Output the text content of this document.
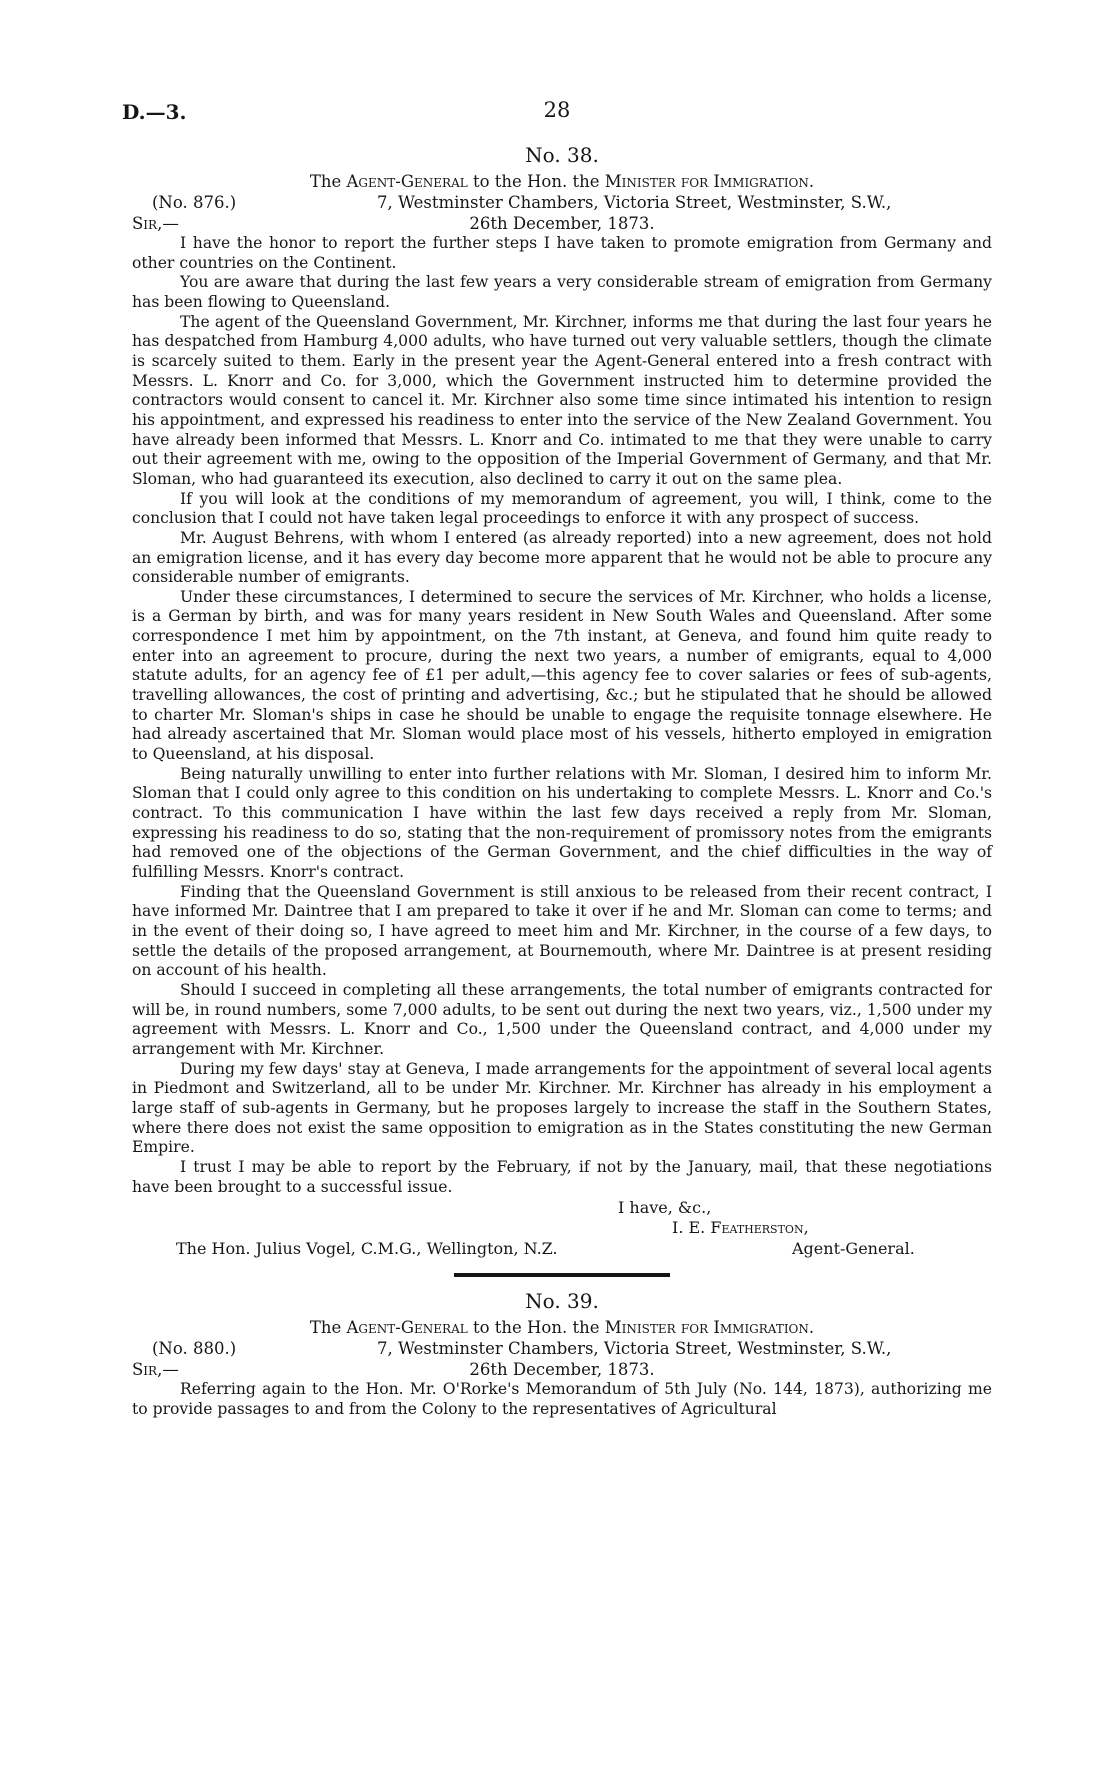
D.—3.	28
No. 38.
The Agent-General to the Hon. the Minister for Immigration.
(No. 876.)	7, Westminster Chambers, Victoria Street, Westminster, S.W.,
Sir,—	26th December, 1873.

I have the honor to report the further steps I have taken to promote emigration from Germany and other countries on the Continent.

You are aware that during the last few years a very considerable stream of emigration from Germany has been flowing to Queensland.

The agent of the Queensland Government, Mr. Kirchner, informs me that during the last four years he has despatched from Hamburg 4,000 adults, who have turned out very valuable settlers, though the climate is scarcely suited to them. Early in the present year the Agent-General entered into a fresh contract with Messrs. L. Knorr and Co. for 3,000, which the Government instructed him to determine provided the contractors would consent to cancel it. Mr. Kirchner also some time since intimated his intention to resign his appointment, and expressed his readiness to enter into the service of the New Zealand Government. You have already been informed that Messrs. L. Knorr and Co. intimated to me that they were unable to carry out their agreement with me, owing to the opposition of the Imperial Government of Germany, and that Mr. Sloman, who had guaranteed its execution, also declined to carry it out on the same plea.

If you will look at the conditions of my memorandum of agreement, you will, I think, come to the conclusion that I could not have taken legal proceedings to enforce it with any prospect of success.

Mr. August Behrens, with whom I entered (as already reported) into a new agreement, does not hold an emigration license, and it has every day become more apparent that he would not be able to procure any considerable number of emigrants.

Under these circumstances, I determined to secure the services of Mr. Kirchner, who holds a license, is a German by birth, and was for many years resident in New South Wales and Queensland. After some correspondence I met him by appointment, on the 7th instant, at Geneva, and found him quite ready to enter into an agreement to procure, during the next two years, a number of emigrants, equal to 4,000 statute adults, for an agency fee of £1 per adult,—this agency fee to cover salaries or fees of sub-agents, travelling allowances, the cost of printing and advertising, &c.; but he stipulated that he should be allowed to charter Mr. Sloman's ships in case he should be unable to engage the requisite tonnage elsewhere. He had already ascertained that Mr. Sloman would place most of his vessels, hitherto employed in emigration to Queensland, at his disposal.

Being naturally unwilling to enter into further relations with Mr. Sloman, I desired him to inform Mr. Sloman that I could only agree to this condition on his undertaking to complete Messrs. L. Knorr and Co.'s contract. To this communication I have within the last few days received a reply from Mr. Sloman, expressing his readiness to do so, stating that the non-requirement of promissory notes from the emigrants had removed one of the objections of the German Government, and the chief difficulties in the way of fulfilling Messrs. Knorr's contract.

Finding that the Queensland Government is still anxious to be released from their recent contract, I have informed Mr. Daintree that I am prepared to take it over if he and Mr. Sloman can come to terms; and in the event of their doing so, I have agreed to meet him and Mr. Kirchner, in the course of a few days, to settle the details of the proposed arrangement, at Bournemouth, where Mr. Daintree is at present residing on account of his health.

Should I succeed in completing all these arrangements, the total number of emigrants contracted for will be, in round numbers, some 7,000 adults, to be sent out during the next two years, viz., 1,500 under my agreement with Messrs. L. Knorr and Co., 1,500 under the Queensland contract, and 4,000 under my arrangement with Mr. Kirchner.

During my few days' stay at Geneva, I made arrangements for the appointment of several local agents in Piedmont and Switzerland, all to be under Mr. Kirchner. Mr. Kirchner has already in his employment a large staff of sub-agents in Germany, but he proposes largely to increase the staff in the Southern States, where there does not exist the same opposition to emigration as in the States constituting the new German Empire.

I trust I may be able to report by the February, if not by the January, mail, that these negotiations have been brought to a successful issue.

I have, &c.,
I. E. Featherston,
The Hon. Julius Vogel, C.M.G., Wellington, N.Z.	Agent-General.
No. 39.
The Agent-General to the Hon. the Minister for Immigration.
(No. 880.)	7, Westminster Chambers, Victoria Street, Westminster, S.W.,
Sir,—	26th December, 1873.

Referring again to the Hon. Mr. O'Rorke's Memorandum of 5th July (No. 144, 1873), authorizing me to provide passages to and from the Colony to the representatives of Agricultural
